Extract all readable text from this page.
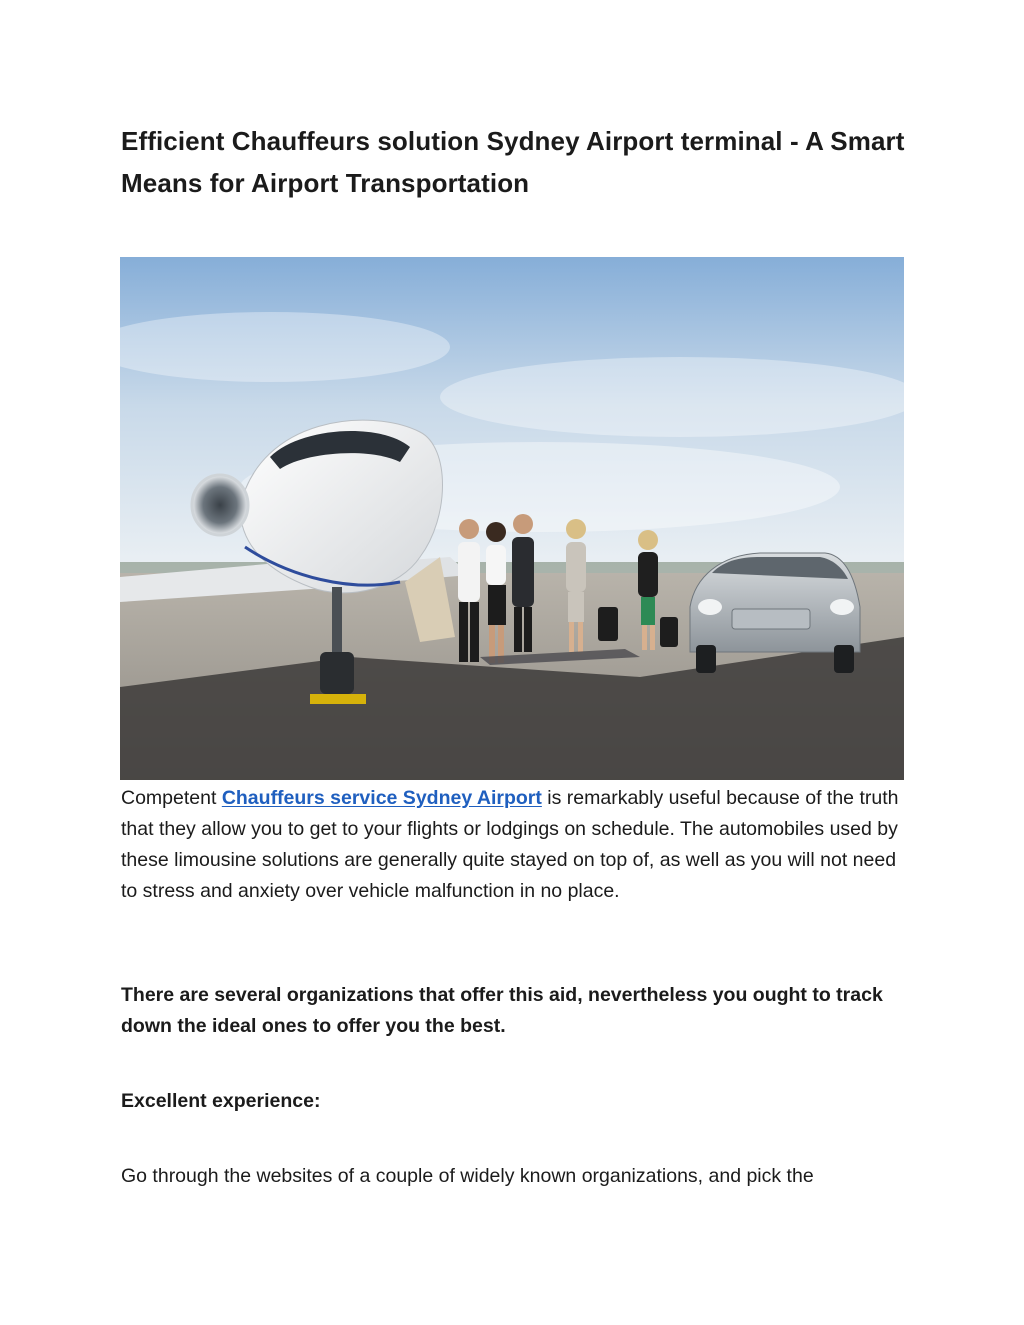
Efficient Chauffeurs solution Sydney Airport terminal - A Smart Means for Airport Transportation

Competent Chauffeurs service Sydney Airport is remarkably useful because of the truth that they allow you to get to your flights or lodgings on schedule. The automobiles used by these limousine solutions are generally quite stayed on top of, as well as you will not need to stress and anxiety over vehicle malfunction in no place.

There are several organizations that offer this aid, nevertheless you ought to track down the ideal ones to offer you the best.

Excellent experience:

Go through the websites of a couple of widely known organizations, and pick the
